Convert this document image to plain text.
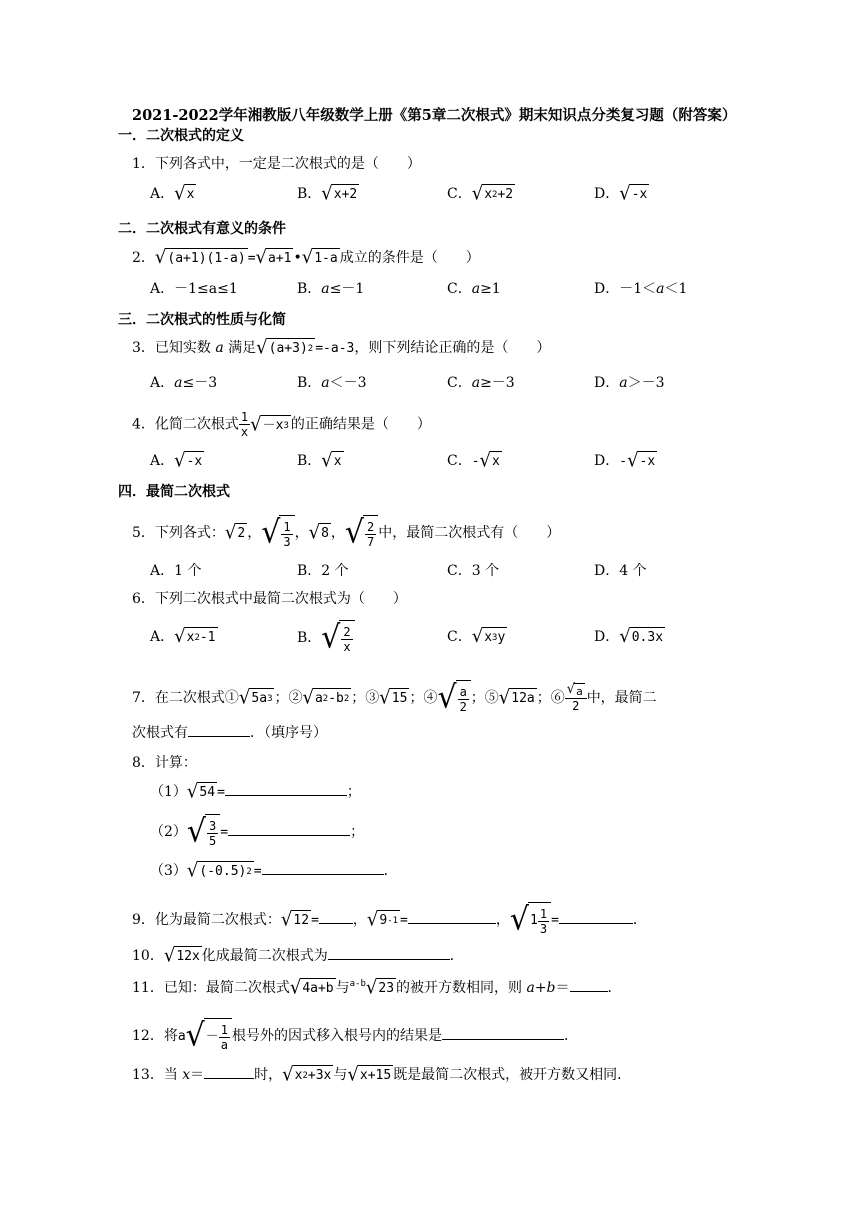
2021-2022学年湘教版八年级数学上册《第5章二次根式》期末知识点分类复习题（附答案）
一．二次根式的定义
1．下列各式中，一定是二次根式的是（　　）
A． √ x	B． √ x+2	C． √ x 2 +2	D． √ -x
二．二次根式有意义的条件
2． √ (a+1)(1-a) = √ a+1 • √ 1-a 成立的条件是（　　）
A．－1≤a≤1	B．a≤－1	C．a≥1	D．－1＜a＜1
三．二次根式的性质与化简
3．已知实数 a 满足 √ (a+3) 2 =-a-3，则下列结论正确的是（　　）
A．a≤－3	B．a＜－3	C．a≥－3	D．a＞－3
4．化简二次根式 $\frac{1}{x}$ √ －x 3 的正确结果是（　　）
A． √ -x	B． √ x	C．- √ x	D．- √ -x
四．最简二次根式
5．下列各式： √ 2 ， √ $\frac{1}{3}$ ， √ 8 ， √ $\frac{2}{7}$ 中，最简二次根式有（　　）
A．1 个	B．2 个	C．3 个	D．4 个
6．下列二次根式中最简二次根式为（　　）
A． √ x 2 -1	B． √ $\frac{2}{x}$	C． √ x 3 y	D． √ 0.3x
7．在二次根式① √ 5a 3 ；② √ a 2 -b 2 ；③ √ 15 ；④ √ $\frac{a}{2}$ ；⑤ √ 12a ；⑥ $\frac{√ a}{2}$ 中，最简二
次根式有	．（填序号）
8．计算：
（1） √ 54 =	；
（2） √ $\frac{3}{5}$ =	；
（3） √ (-0.5) 2 =	．
9．化为最简二次根式： √ 12 = ， √ 9 -1 =	， √ $1 \frac{1}{3}$ =	．
10． √ 12x 化成最简二次根式为	．
11．已知：最简二次根式 √ 4a+b 与$^{a-b}$ √ 23 的被开方数相同，则 a+b＝	．
12．将a √ － $\frac{1}{a}$ 根号外的因式移入根号内的结果是	．
13．当 x＝	时， √ x 2 +3x 与 √ x+15 既是最简二次根式，被开方数又相同．
